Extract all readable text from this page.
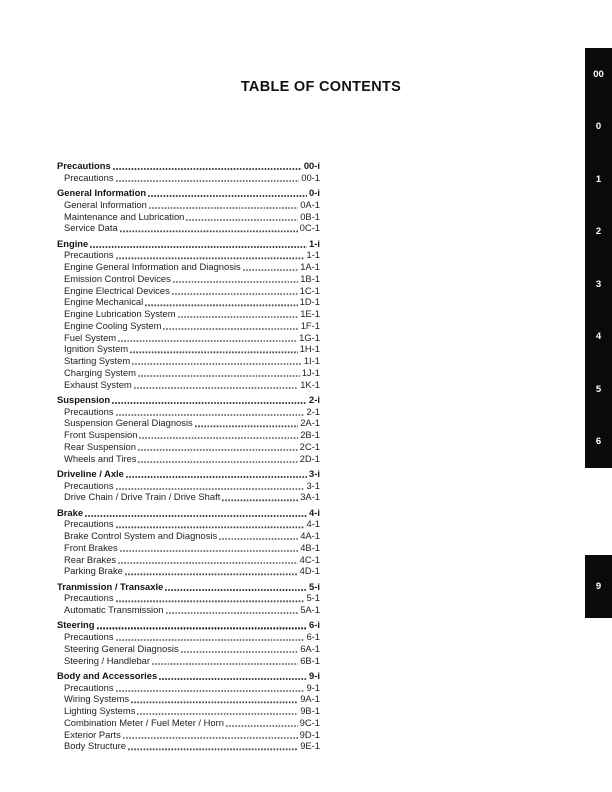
TABLE OF CONTENTS
Precautions	00-i
Precautions	00-1
General Information	0-i
General Information	0A-1
Maintenance and Lubrication	0B-1
Service Data	0C-1
Engine	1-i
Precautions	1-1
Engine General Information and Diagnosis	1A-1
Emission Control Devices	1B-1
Engine Electrical Devices	1C-1
Engine Mechanical	1D-1
Engine Lubrication System	1E-1
Engine Cooling System	1F-1
Fuel System	1G-1
Ignition System	1H-1
Starting System	1I-1
Charging System	1J-1
Exhaust System	1K-1
Suspension	2-i
Precautions	2-1
Suspension General Diagnosis	2A-1
Front Suspension	2B-1
Rear Suspension	2C-1
Wheels and Tires	2D-1
Driveline / Axle	3-i
Precautions	3-1
Drive Chain / Drive Train / Drive Shaft	3A-1
Brake	4-i
Precautions	4-1
Brake Control System and Diagnosis	4A-1
Front Brakes	4B-1
Rear Brakes	4C-1
Parking Brake	4D-1
Tranmission / Transaxle	5-i
Precautions	5-1
Automatic Transmission	5A-1
Steering	6-i
Precautions	6-1
Steering General Diagnosis	6A-1
Steering / Handlebar	6B-1
Body and Accessories	9-i
Precautions	9-1
Wiring Systems	9A-1
Lighting Systems	9B-1
Combination Meter / Fuel Meter / Horn	9C-1
Exterior Parts	9D-1
Body Structure	9E-1
00
0
1
2
3
4
5
6
9
